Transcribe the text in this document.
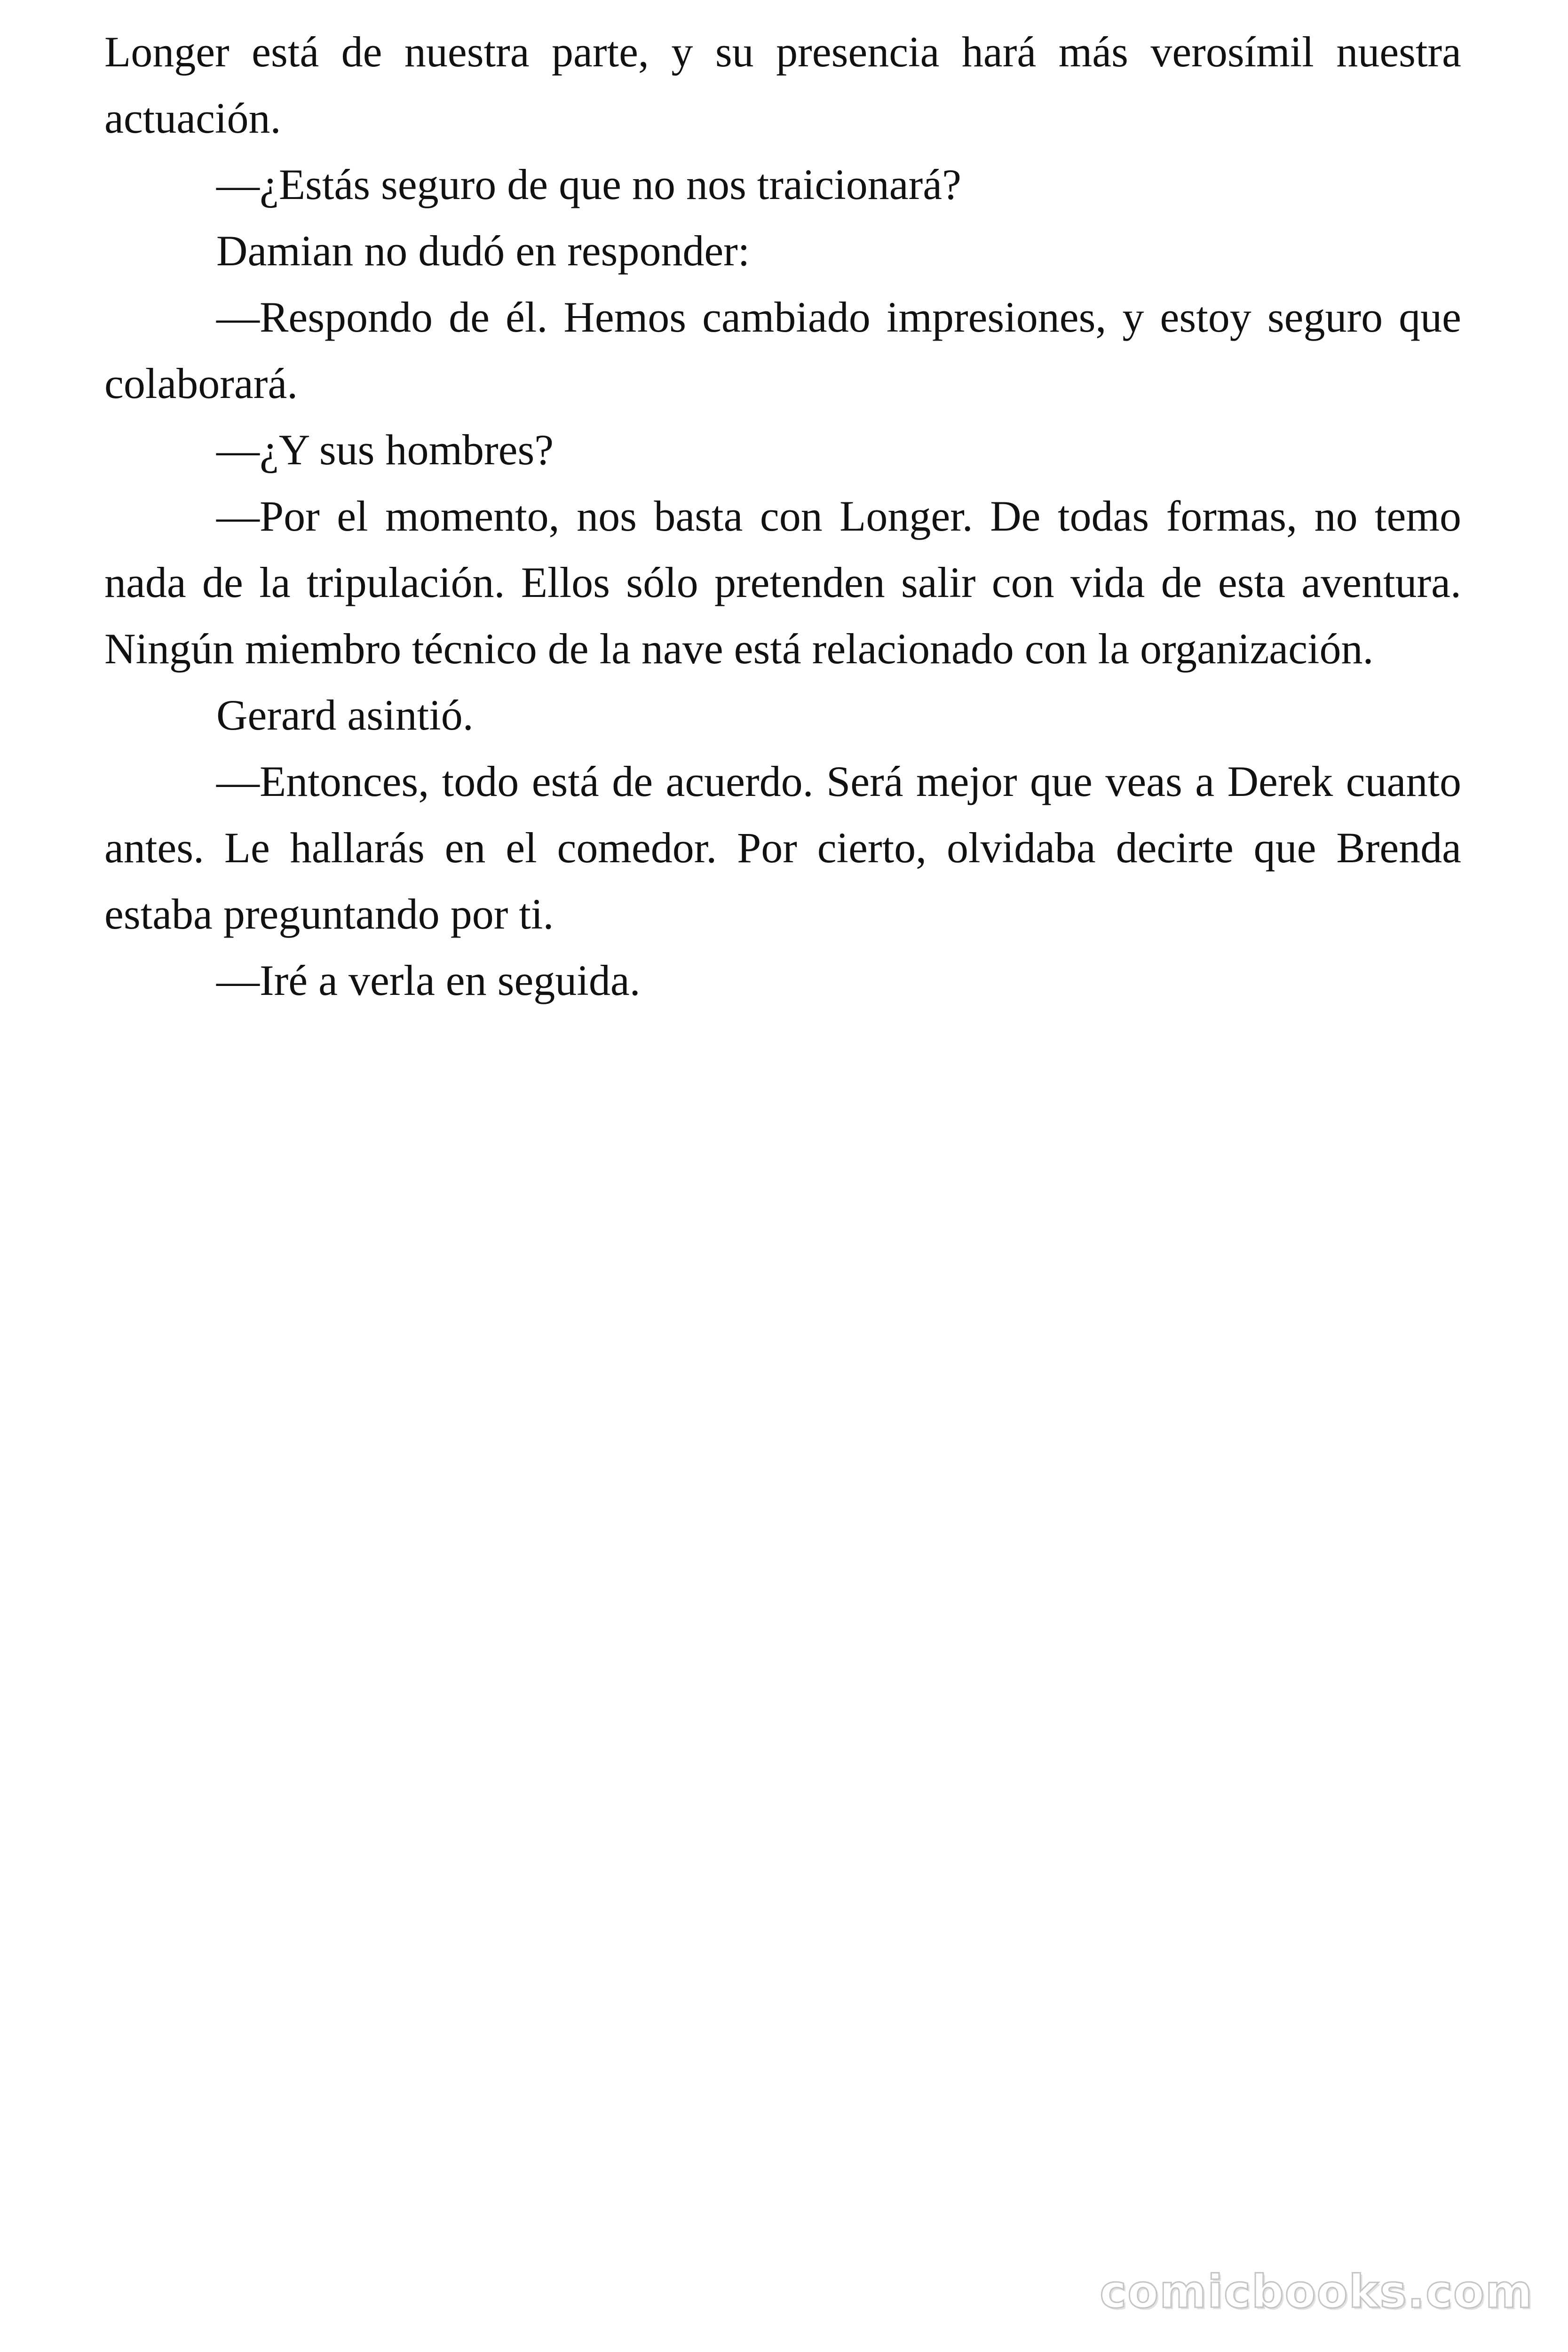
Longer está de nuestra parte, y su presencia hará más verosímil nuestra actuación.

—¿Estás seguro de que no nos traicionará?

Damian no dudó en responder:

—Respondo de él. Hemos cambiado impresiones, y estoy seguro que colaborará.

—¿Y sus hombres?

—Por el momento, nos basta con Longer. De todas formas, no temo nada de la tripulación. Ellos sólo pretenden salir con vida de esta aventura. Ningún miembro técnico de la nave está relacionado con la organización.

Gerard asintió.

—Entonces, todo está de acuerdo. Será mejor que veas a Derek cuanto antes. Le hallarás en el comedor. Por cierto, olvidaba decirte que Brenda estaba preguntando por ti.

—Iré a verla en seguida.

comicbooks.com
